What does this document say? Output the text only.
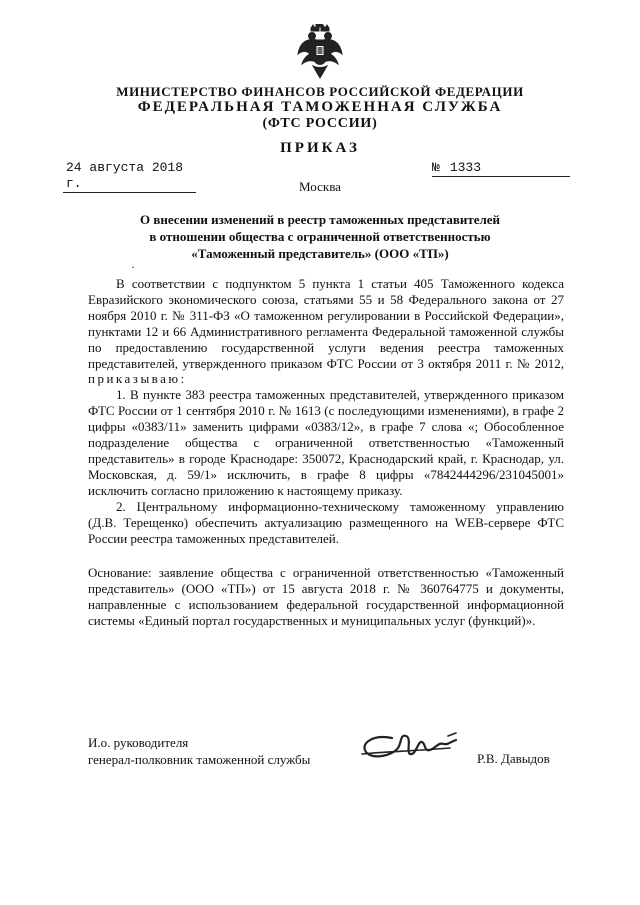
МИНИСТЕРСТВО ФИНАНСОВ РОССИЙСКОЙ ФЕДЕРАЦИИ
ФЕДЕРАЛЬНАЯ ТАМОЖЕННАЯ СЛУЖБА
(ФТС РОССИИ)
ПРИКАЗ
24 августа 2018 г.
№ 1333
Москва
·
О внесении изменений в реестр таможенных представителей
в отношении общества с ограниченной ответственностью
«Таможенный представитель» (ООО «ТП»)

В соответствии с подпунктом 5 пункта 1 статьи 405 Таможенного кодекса Евразийского экономического союза, статьями 55 и 58 Федерального закона от 27 ноября 2010 г. № 311-ФЗ «О таможенном регулировании в Российской Федерации», пунктами 12 и 66 Административного регламента Федеральной таможенной службы по предоставлению государственной услуги ведения реестра таможенных представителей, утвержденного приказом ФТС России от 3 октября 2011 г. № 2012, приказываю:

1. В пункте 383 реестра таможенных представителей, утвержденного приказом ФТС России от 1 сентября 2010 г. № 1613 (с последующими изменениями), в графе 2 цифры «0383/11» заменить цифрами «0383/12», в графе 7 слова «; Обособленное подразделение общества с ограниченной ответственностью «Таможенный представитель» в городе Краснодаре: 350072, Краснодарский край, г. Краснодар, ул. Московская, д. 59/1» исключить, в графе 8 цифры «7842444296/231045001» исключить согласно приложению к настоящему приказу.

2. Центральному информационно-техническому таможенному управлению (Д.В. Терещенко) обеспечить актуализацию размещенного на WEB-сервере ФТС России реестра таможенных представителей.

Основание: заявление общества с ограниченной ответственностью «Таможенный представитель» (ООО «ТП») от 15 августа 2018 г. № 360764775 и документы, направленные с использованием федеральной государственной информационной системы «Единый портал государственных и муниципальных услуг (функций)».

И.о. руководителя
генерал-полковник таможенной службы	Р.В. Давыдов
